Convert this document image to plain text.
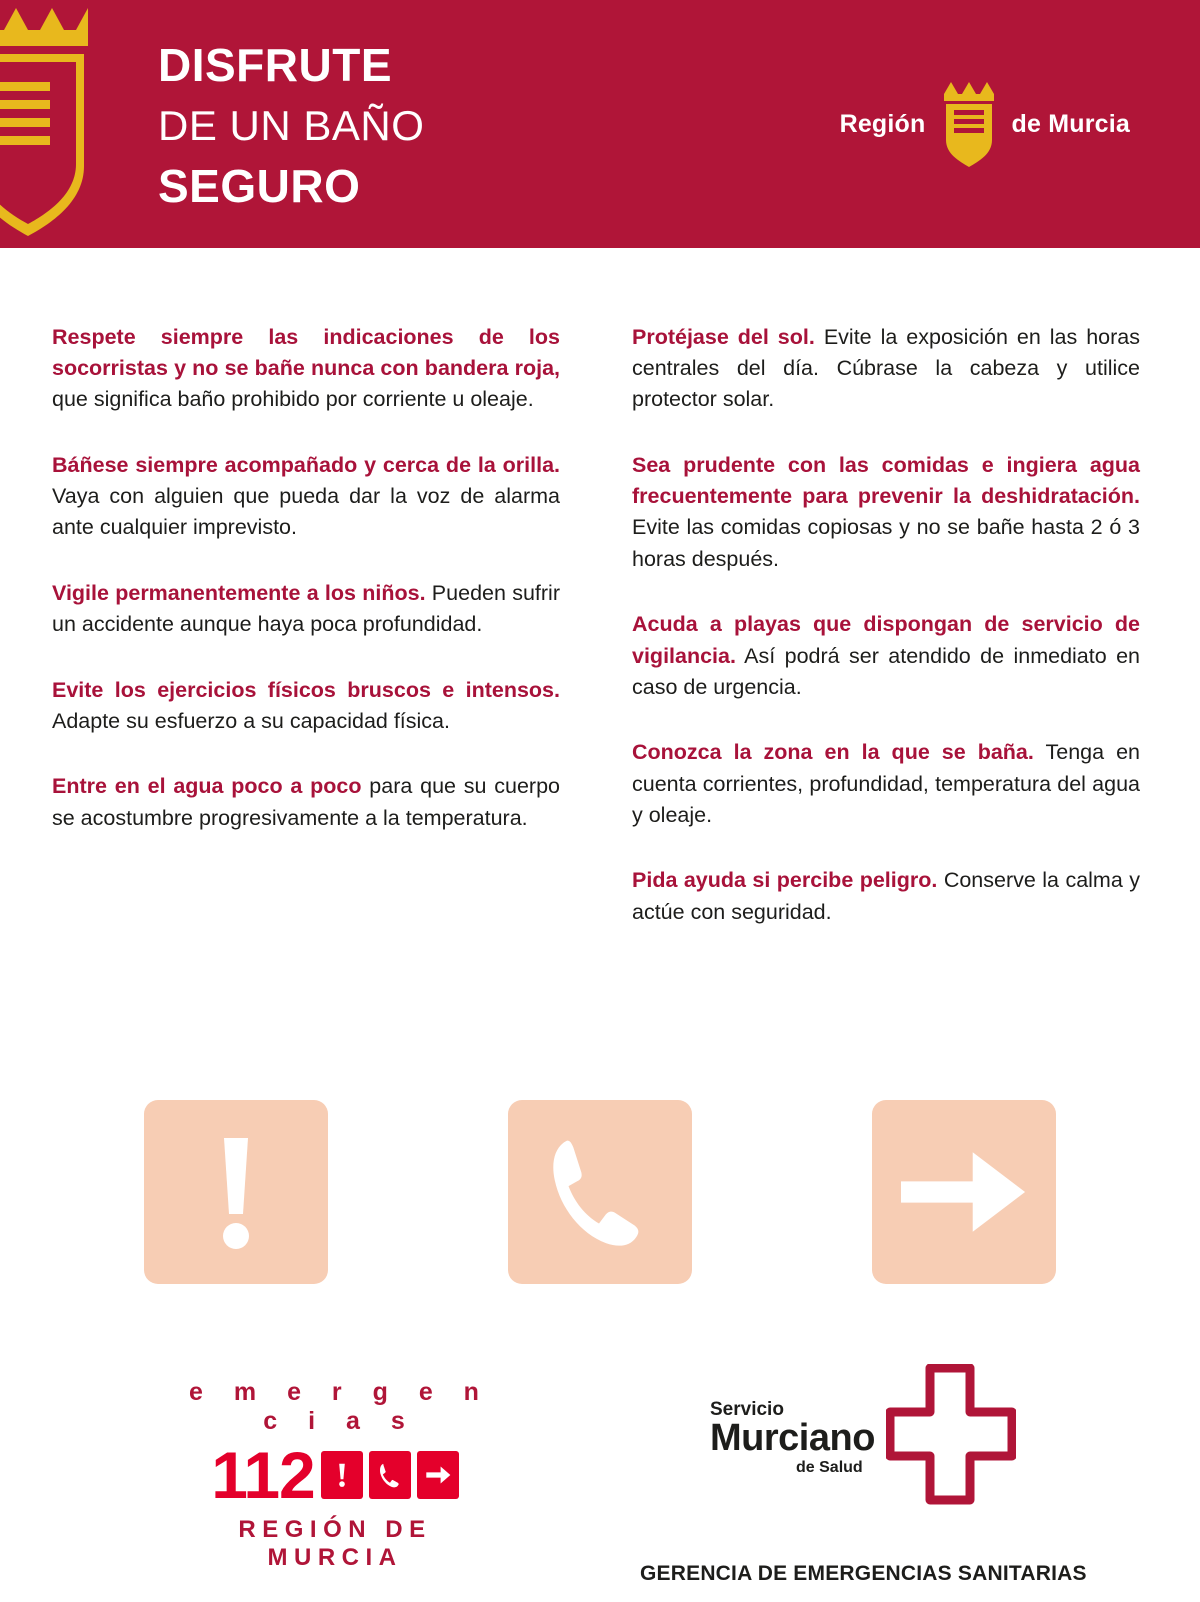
DISFRUTE
DE UN BAÑO
SEGURO
Región	de Murcia

Respete siempre las indicaciones de los socorristas y no se bañe nunca con bandera roja, que significa baño prohibido por corriente u oleaje.

Báñese siempre acompañado y cerca de la orilla. Vaya con alguien que pueda dar la voz de alarma ante cualquier imprevisto.

Vigile permanentemente a los niños. Pueden sufrir un accidente aunque haya poca profundidad.

Evite los ejercicios físicos bruscos e intensos. Adapte su esfuerzo a su capacidad física.

Entre en el agua poco a poco para que su cuerpo se acostumbre progresivamente a la temperatura.

Protéjase del sol. Evite la exposición en las horas centrales del día. Cúbrase la cabeza y utilice protector solar.

Sea prudente con las comidas e ingiera agua frecuentemente para prevenir la deshidratación. Evite las comidas copiosas y no se bañe hasta 2 ó 3 horas después.

Acuda a playas que dispongan de servicio de vigilancia. Así podrá ser atendido de inmediato en caso de urgencia.

Conozca la zona en la que se baña. Tenga en cuenta corrientes, profundidad, temperatura del agua y oleaje.

Pida ayuda si percibe peligro. Conserve la calma y actúe con seguridad.

e m e r g e n c i a s
112
REGIÓN DE MURCIA
Servicio
Murciano
de Salud
GERENCIA DE EMERGENCIAS SANITARIAS
